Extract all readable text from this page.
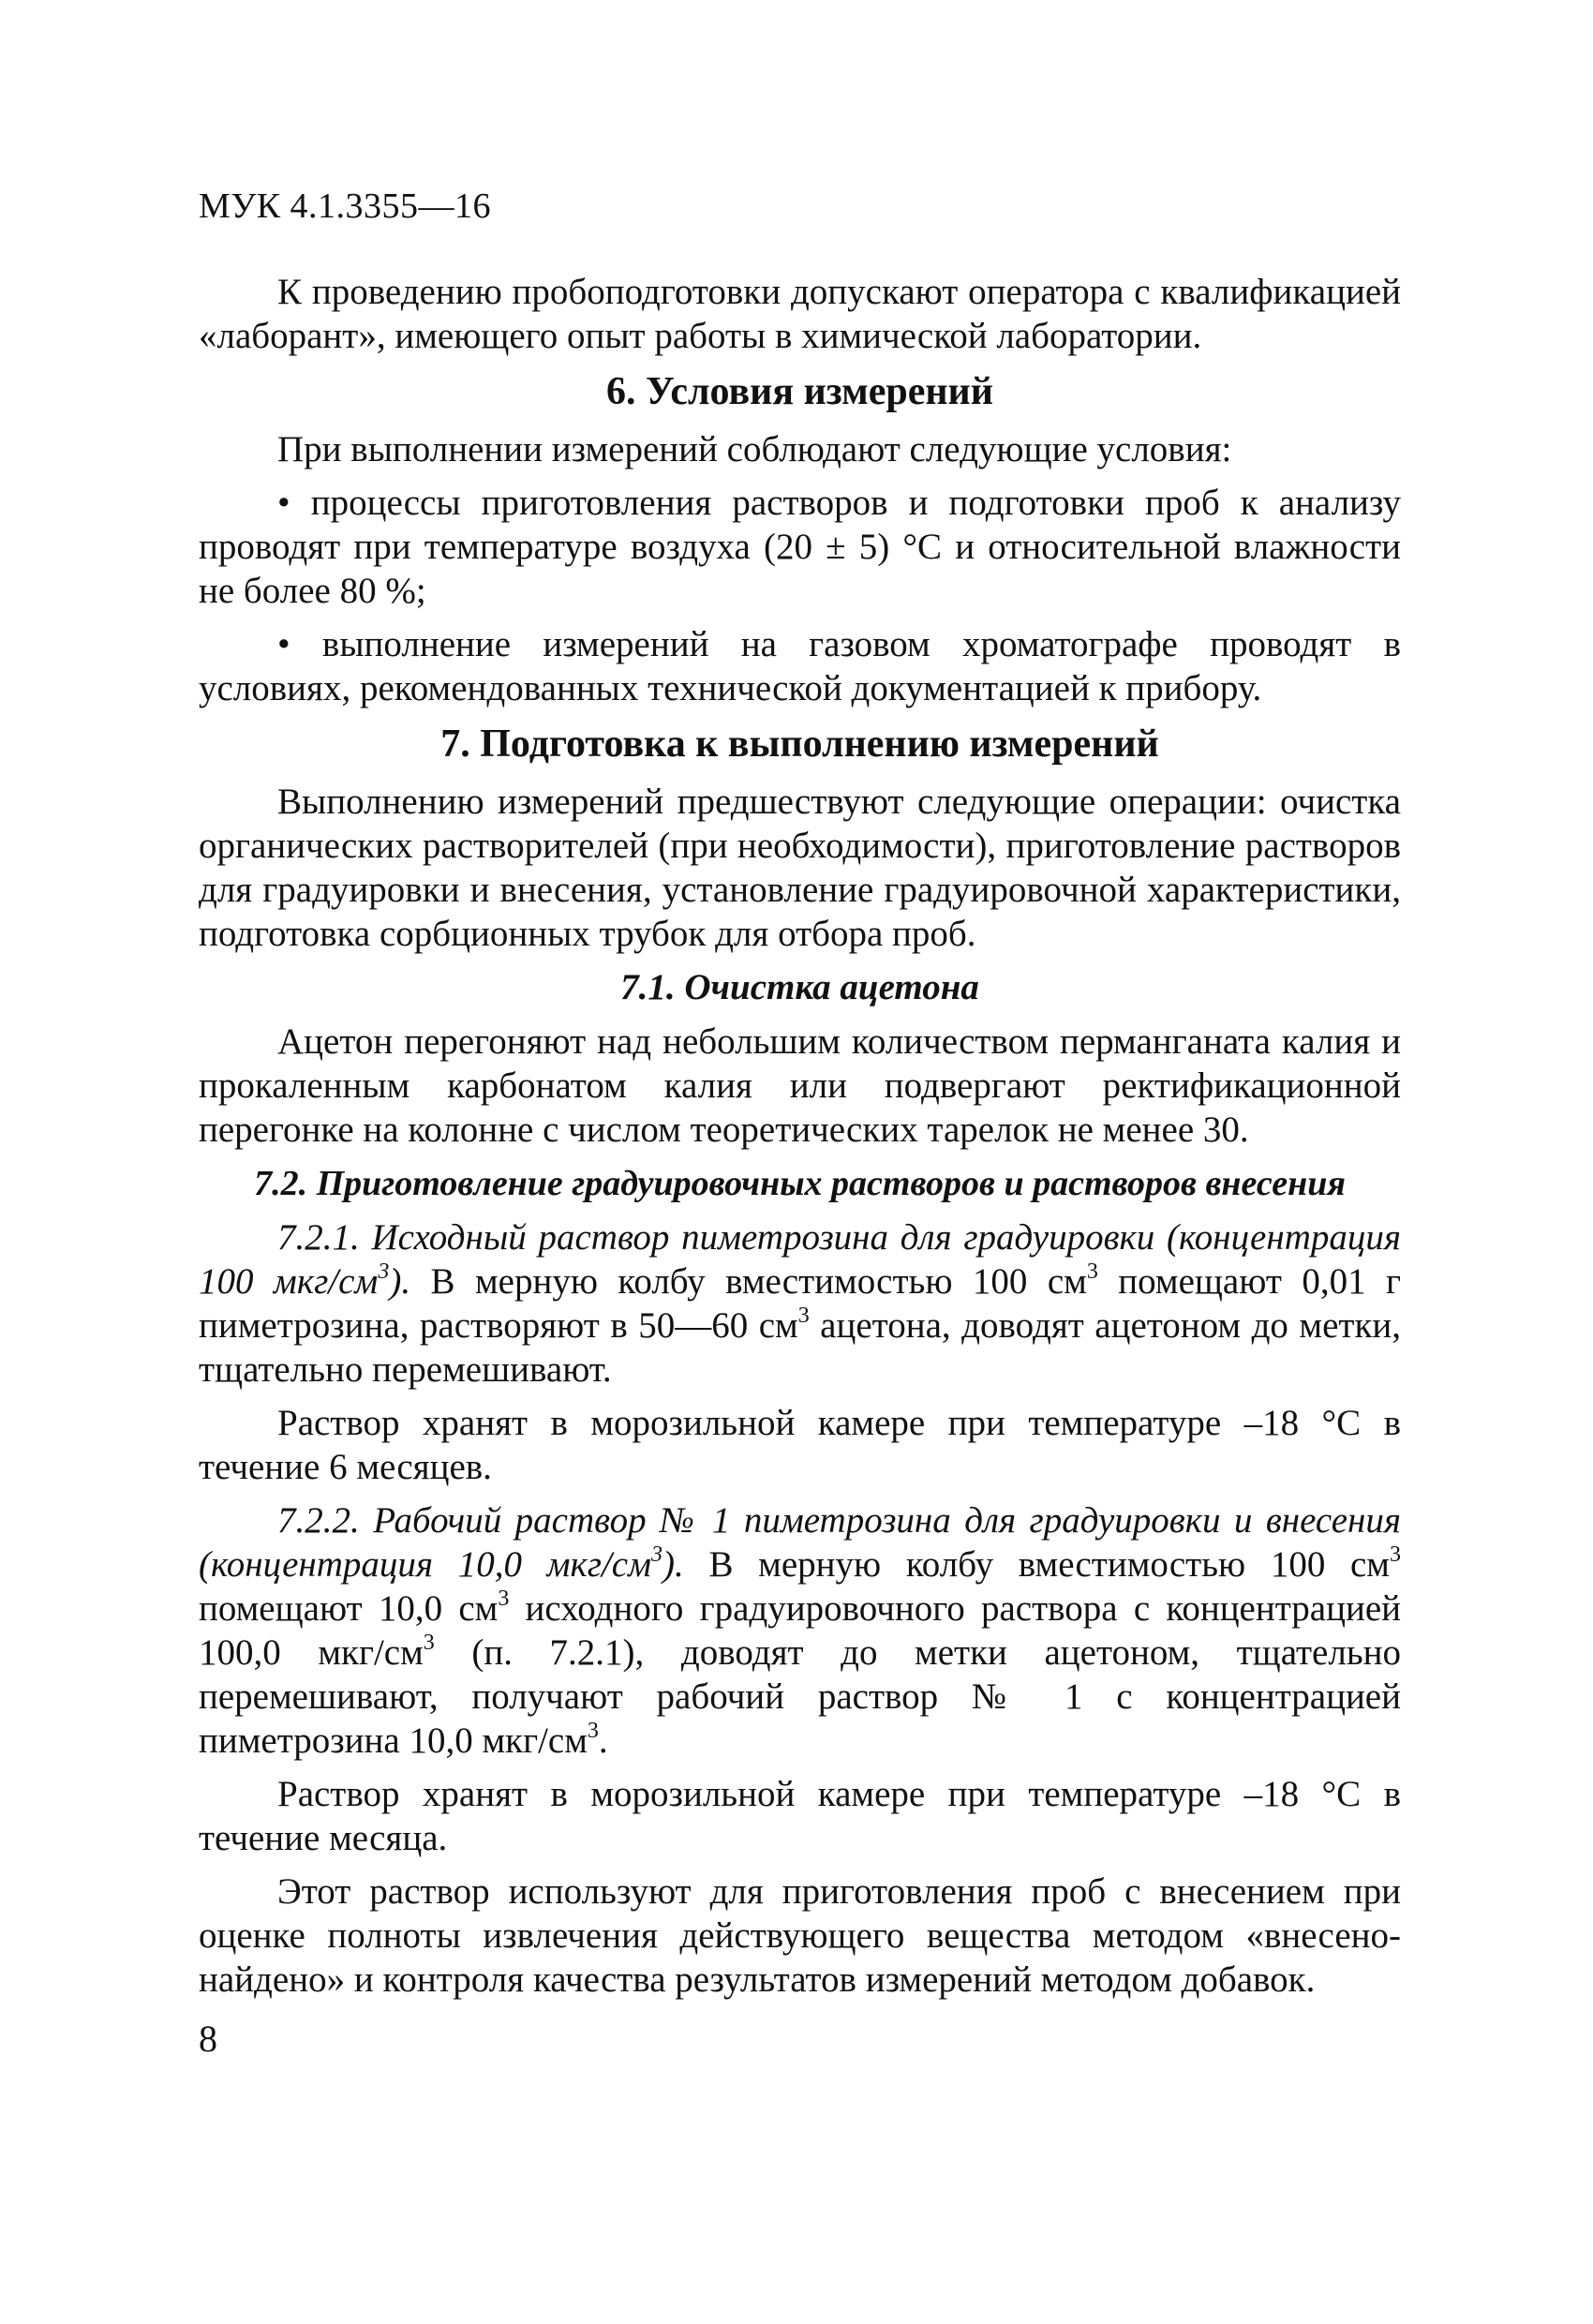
МУК 4.1.3355—16

К проведению пробоподготовки допускают оператора с квалификацией «лаборант», имеющего опыт работы в химической лаборатории.

6. Условия измерений

При выполнении измерений соблюдают следующие условия:

• процессы приготовления растворов и подготовки проб к анализу проводят при температуре воздуха (20 ± 5) °С и относительной влажности не более 80 %;

• выполнение измерений на газовом хроматографе проводят в условиях, рекомендованных технической документацией к прибору.

7. Подготовка к выполнению измерений

Выполнению измерений предшествуют следующие операции: очистка органических растворителей (при необходимости), приготовление растворов для градуировки и внесения, установление градуировочной характеристики, подготовка сорбционных трубок для отбора проб.

7.1. Очистка ацетона

Ацетон перегоняют над небольшим количеством перманганата калия и прокаленным карбонатом калия или подвергают ректификационной перегонке на колонне с числом теоретических тарелок не менее 30.

7.2. Приготовление градуировочных растворов и растворов внесения

7.2.1. Исходный раствор пиметрозина для градуировки (концентрация 100 мкг/$см^3$). В мерную колбу вместимостью 100 $см^3$ помещают 0,01 г пиметрозина, растворяют в 50—60 $см^3$ ацетона, доводят ацетоном до метки, тщательно перемешивают.

Раствор хранят в морозильной камере при температуре –18 °С в течение 6 месяцев.

7.2.2. Рабочий раствор № 1 пиметрозина для градуировки и внесения (концентрация 10,0 мкг/$см^3$). В мерную колбу вместимостью 100 $см^3$ помещают 10,0 $см^3$ исходного градуировочного раствора с концентрацией 100,0 мкг/$см^3$ (п. 7.2.1), доводят до метки ацетоном, тщательно перемешивают, получают рабочий раствор № 1 с концентрацией пиметрозина 10,0 мкг/$см^3$.

Раствор хранят в морозильной камере при температуре –18 °С в течение месяца.

Этот раствор используют для приготовления проб с внесением при оценке полноты извлечения действующего вещества методом «внесено-найдено» и контроля качества результатов измерений методом добавок.

8
